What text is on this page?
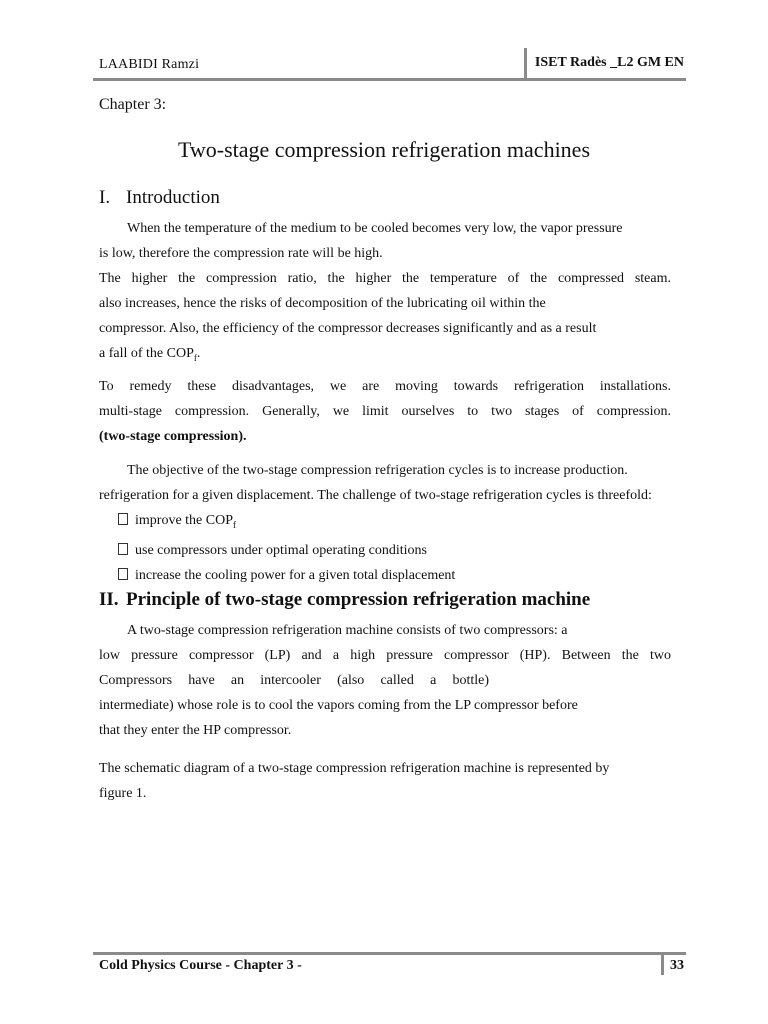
LAABIDI Ramzi	ISET Radès _L2 GM EN
Chapter 3:
Two-stage compression refrigeration machines
I. Introduction
When the temperature of the medium to be cooled becomes very low, the vapor pressure
is low, therefore the compression rate will be high.
The higher the compression ratio, the higher the temperature of the compressed steam.
also increases, hence the risks of decomposition of the lubricating oil within the
compressor. Also, the efficiency of the compressor decreases significantly and as a result
a fall of the $COP_f$.
To remedy these disadvantages, we are moving towards refrigeration installations.
multi-stage compression. Generally, we limit ourselves to two stages of compression.
(two-stage compression).
The objective of the two-stage compression refrigeration cycles is to increase production.
refrigeration for a given displacement. The challenge of two-stage refrigeration cycles is threefold:
improve the $COP_f$
use compressors under optimal operating conditions
increase the cooling power for a given total displacement
II. Principle of two-stage compression refrigeration machine
A two-stage compression refrigeration machine consists of two compressors: a
low pressure compressor (LP) and a high pressure compressor (HP). Between the two
Compressors have an intercooler (also called a bottle)
intermediate) whose role is to cool the vapors coming from the LP compressor before
that they enter the HP compressor.
The schematic diagram of a two-stage compression refrigeration machine is represented by
figure 1.
Cold Physics Course - Chapter 3 -	33
